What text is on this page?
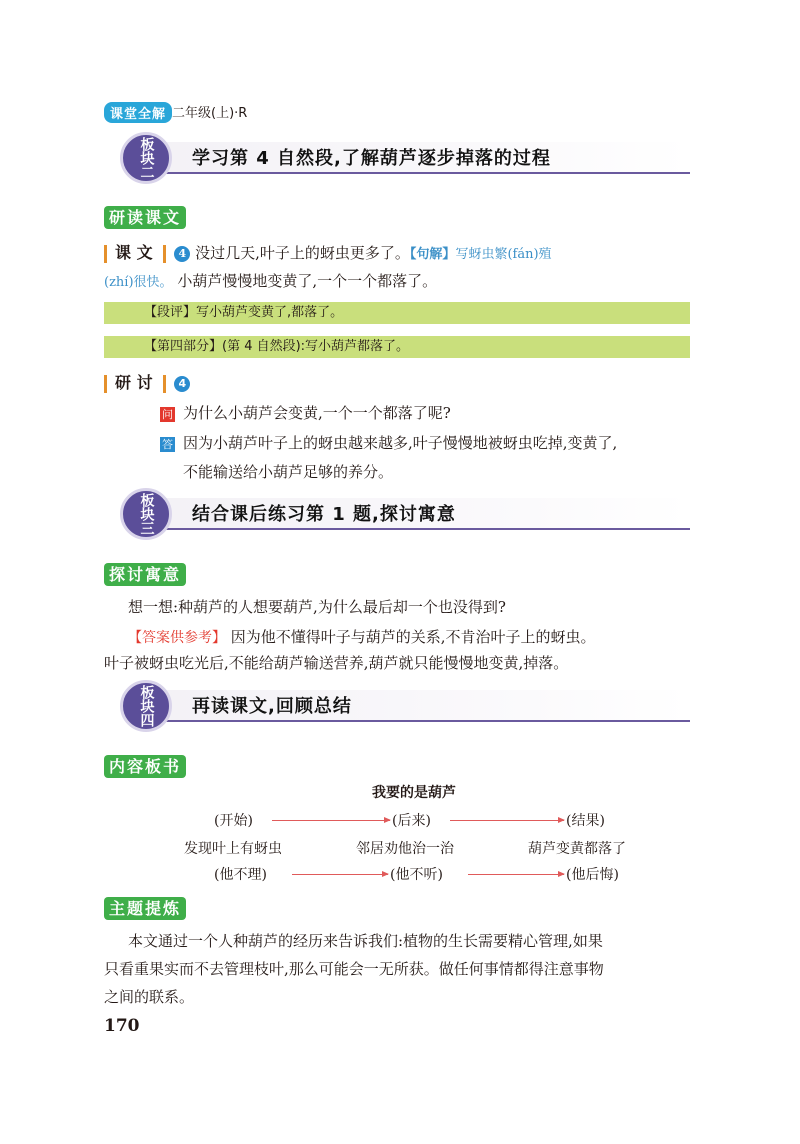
课堂全解 二年级(上)·R
板块二 学习第 4 自然段,了解葫芦逐步掉落的过程
研读课文
课 文 4 没过几天,叶子上的蚜虫更多了。【句解】写蚜虫繁(fán)殖
(zhí)很快。 小葫芦慢慢地变黄了,一个一个都落了。
【段评】写小葫芦变黄了,都落了。
【第四部分】(第 4 自然段):写小葫芦都落了。
研 讨 4
问 为什么小葫芦会变黄,一个一个都落了呢?
答 因为小葫芦叶子上的蚜虫越来越多,叶子慢慢地被蚜虫吃掉,变黄了,
不能输送给小葫芦足够的养分。
板块三 结合课后练习第 1 题,探讨寓意
探讨寓意
想一想:种葫芦的人想要葫芦,为什么最后却一个也没得到?
【答案供参考】 因为他不懂得叶子与葫芦的关系,不肯治叶子上的蚜虫。
叶子被蚜虫吃光后,不能给葫芦输送营养,葫芦就只能慢慢地变黄,掉落。
板块四 再读课文,回顾总结
内容板书
我要的是葫芦
(开始)	(后来)	(结果)
发现叶上有蚜虫	邻居劝他治一治	葫芦变黄都落了
(他不理)	(他不听)	(他后悔)
主题提炼
本文通过一个人种葫芦的经历来告诉我们:植物的生长需要精心管理,如果
只看重果实而不去管理枝叶,那么可能会一无所获。做任何事情都得注意事物
之间的联系。
170
